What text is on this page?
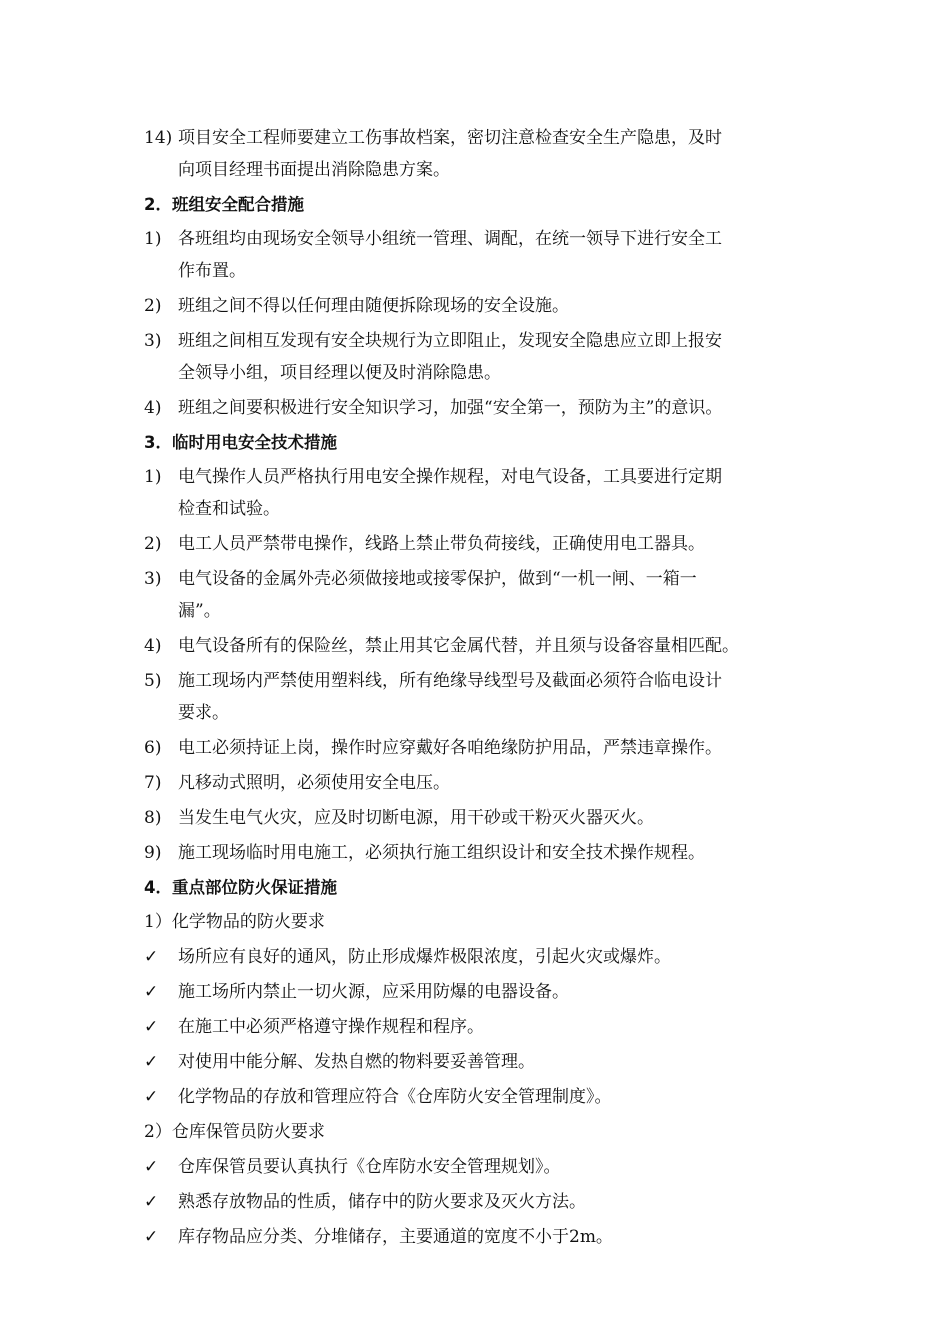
14) 项目安全工程师要建立工伤事故档案，密切注意检查安全生产隐患，及时
向项目经理书面提出消除隐患方案。
2．班组安全配合措施
1) 各班组均由现场安全领导小组统一管理、调配，在统一领导下进行安全工
作布置。
2) 班组之间不得以任何理由随便拆除现场的安全设施。
3) 班组之间相互发现有安全块规行为立即阻止，发现安全隐患应立即上报安
全领导小组，项目经理以便及时消除隐患。
4) 班组之间要积极进行安全知识学习，加强“安全第一，预防为主”的意识。
3．临时用电安全技术措施
1) 电气操作人员严格执行用电安全操作规程，对电气设备，工具要进行定期
检查和试验。
2) 电工人员严禁带电操作，线路上禁止带负荷接线，正确使用电工器具。
3) 电气设备的金属外壳必须做接地或接零保护，做到“一机一闸、一箱一
漏”。
4) 电气设备所有的保险丝，禁止用其它金属代替，并且须与设备容量相匹配。
5) 施工现场内严禁使用塑料线，所有绝缘导线型号及截面必须符合临电设计
要求。
6) 电工必须持证上岗，操作时应穿戴好各咱绝缘防护用品，严禁违章操作。
7) 凡移动式照明，必须使用安全电压。
8) 当发生电气火灾，应及时切断电源，用干砂或干粉灭火器灭火。
9) 施工现场临时用电施工，必须执行施工组织设计和安全技术操作规程。
4．重点部位防火保证措施
1）化学物品的防火要求
✓ 场所应有良好的通风，防止形成爆炸极限浓度，引起火灾或爆炸。
✓ 施工场所内禁止一切火源，应采用防爆的电器设备。
✓ 在施工中必须严格遵守操作规程和程序。
✓ 对使用中能分解、发热自燃的物料要妥善管理。
✓ 化学物品的存放和管理应符合《仓库防火安全管理制度》。
2）仓库保管员防火要求
✓ 仓库保管员要认真执行《仓库防水安全管理规划》。
✓ 熟悉存放物品的性质，储存中的防火要求及灭火方法。
✓ 库存物品应分类、分堆储存，主要通道的宽度不小于2m。
